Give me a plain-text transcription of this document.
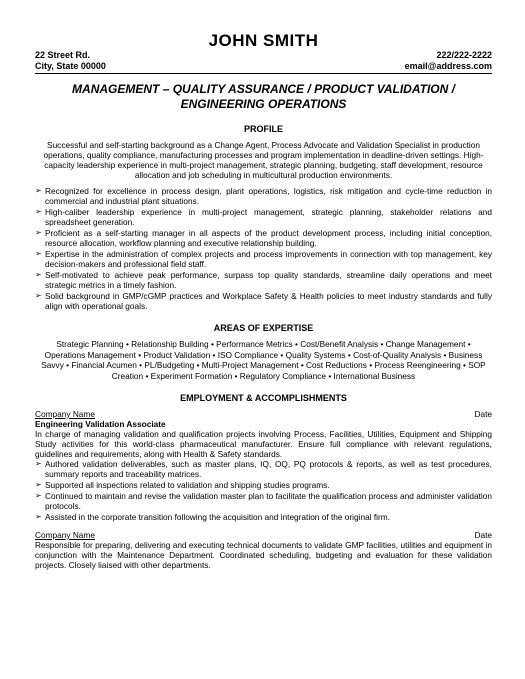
JOHN SMITH
22 Street Rd.	222/222-2222
City, State 00000	email@address.com

MANAGEMENT – QUALITY ASSURANCE / PRODUCT VALIDATION / ENGINEERING OPERATIONS

PROFILE

Successful and self-starting background as a Change Agent, Process Advocate and Validation Specialist in production operations, quality compliance, manufacturing processes and program implementation in deadline-driven settings. High-capacity leadership experience in multi-project management, strategic planning, budgeting, staff development, resource allocation and job scheduling in multicultural production environments.

➢ Recognized for excellence in process design, plant operations, logistics, risk mitigation and cycle-time reduction in commercial and industrial plant situations.
➢ High-caliber leadership experience in multi-project management, strategic planning, stakeholder relations and spreadsheet generation.
➢ Proficient as a self-starting manager in all aspects of the product development process, including initial conception, resource allocation, workflow planning and executive relationship building.
➢ Expertise in the administration of complex projects and process improvements in connection with top management, key decision-makers and professional field staff.
➢ Self-motivated to achieve peak performance, surpass top quality standards, streamline daily operations and meet strategic metrics in a timely fashion.
➢ Solid background in GMP/cGMP practices and Workplace Safety & Health policies to meet industry standards and fully align with operational goals.
AREAS OF EXPERTISE
Strategic Planning • Relationship Building • Performance Metrics • Cost/Benefit Analysis • Change Management • Operations Management • Product Validation • ISO Compliance • Quality Systems • Cost-of-Quality Analysis • Business Savvy • Financial Acumen • PL/Budgeting • Multi-Project Management • Cost Reductions • Process Reengineering • SOP Creation • Experiment Formation • Regulatory Compliance • International Business
EMPLOYMENT & ACCOMPLISHMENTS
Company Name	Date
Engineering Validation Associate
In charge of managing validation and qualification projects involving Process, Facilities, Utilities, Equipment and Shipping Study activities for this world-class pharmaceutical manufacturer. Ensure full compliance with relevant regulations, guidelines and requirements, along with Health & Safety standards.
➢ Authored validation deliverables, such as master plans, IQ, OQ, PQ protocols & reports, as well as test procedures, summary reports and traceability matrices.
➢ Supported all inspections related to validation and shipping studies programs.
➢ Continued to maintain and revise the validation master plan to facilitate the qualification process and administer validation protocols.
➢ Assisted in the corporate transition following the acquisition and integration of the original firm.
Company Name	Date
Responsible for preparing, delivering and executing technical documents to validate GMP facilities, utilities and equipment in conjunction with the Maintenance Department. Coordinated scheduling, budgeting and evaluation for these validation projects. Closely liaised with other departments.
